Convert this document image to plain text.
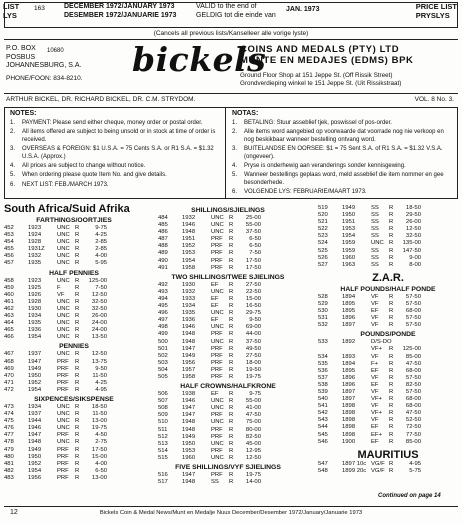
LIST
LYS
163	DECEMBER 1972/JANUARY 1973
DESEMBER 1972/JANUARIE 1973
VALID to the end of
GELDIG tot die einde van
JAN. 1973	PRICE LIST
PRYSLYS
(Cancels all previous lists/Kanselleer alle vorige lyste)
P.O. BOX
POSBUS
JOHANNESBURG, S.A.
10680
PHONE/FOON: 834-8210. bickels
COINS AND MEDALS (PTY) LTD
MUNTE EN MEDAJES (EDMS) BPK
Ground Floor Shop at 151 Jeppe St. (Off Rissik Street)
Grondverdieping winkel te 151 Jeppe St. (Uit Rissikstraat)
ARTHUR BICKEL, DR. RICHARD BICKEL, DR. C.M. STRYDOM.	VOL. 8 No. 3.
NOTES:
1.	PAYMENT: Please send either cheque, money order or postal order.
2.	All items offered are subject to being unsold or in stock at time of order is received.
3.	OVERSEAS & FOREIGN: $1 U.S.A. = 75 Cents S.A. or R1 S.A. = $1.32 U.S.A. (Approx.)
4.	All prices are subject to change without notice.
5.	When ordering please quote Item No. and give details.
6.	NEXT LIST: FEB./MARCH 1973.
NOTAS:
1.	BETALING: Stuur asseblief tjek, poswissel of pos-order.
2.	Alle items word aangebied op voorwaarde dat voorrade nog nie verkoop en nog beskikbaar wanneer bestelling ontvang word.
3.	BUITELANDSE EN OORSEE: $1 = 75 Sent S.A. of R1 S.A. = $1.32 V.S.A. (ongeveer).
4.	Pryse is onderhewig aan veranderings sonder kennisgewing.
5.	Wanneer bestellings geplaas word, meld asseblief die item nommer en gee besonderhede.
6.	VOLGENDE LYS: FEBRUARIE/MAART 1973.
South Africa/Suid Afrika
FARTHINGS/OORTJIES
452	1923	UNC R	9-75
453	1924	UNC R	4-25
454	1928	UNC R	2-85
455	1931Z	UNC R	2-85
456	1932	UNC R	4-00
457	1935	UNC R	5-95
HALF PENNIES
458	1923	UNC R	125-00
459	1925	F	R	7-50
460	1926	VF	R	12-50
461	1928	UNC R	32-50
462	1930	UNC R	32-50
463	1934	UNC R	26-00
464	1935	UNC R	24-00
465	1936	UNC R	24-00
466	1954	UNC R	13-50
PENNIES
467	1937	UNC R	12-50
468	1947	PRF	R	13-75
469	1949	PRF	R	9-50
470	1950	PRF	R	11-50
471	1952	PRF	R	4-25
472	1954	PRF	R	4-95
SIXPENCES/SIKSPENSE
473	1934	UNC R	18-50
474	1937	UNC R	11-50
475	1944	UNC R	13-00
476	1946	UNC R	19-75
477	1947	PRF	R	4-50
478	1948	UNC R	2-75
479	1949	PRF	R	17-50
480	1950	PRF	R	15-00
481	1952	PRF	R	4-00
482	1954	PRF	R	6-50
483	1956	PRF	R	13-00
SHILLINGS/SJIELINGS
484	1932	UNC R	25-00
485	1946	UNC R	55-00
486	1948	UNC R	37-50
487	1951	PRF	R	6-50
488	1952	PRF	R	6-50
489	1953	PRF	R	7-50
490	1954	PRF	R	17-50
491	1958	PRF	R	17-50
TWO SHILLINGS/TWEE SJIELINGS
492	1930	EF	R	27-50
493	1932	UNC R	22-50
494	1933	EF	R	15-00
495	1934	EF	R	16-50
496	1935	UNC R	29-75
497	1936	EF	R	9-50
498	1946	UNC R	69-00
499	1948	PRF	R	44-00
500	1948	UNC R	37-50
501	1947	PRF	R	49-50
502	1949	PRF	R	27-50
503	1956	PRF	R	18-00
504	1957	PRF	R	19-50
505	1958	PRF	R	19-75
HALF CROWNS/HALFKRONE
506	1938	EF	R	9-75
507	1946	UNC R	55-00
508	1947	UNC R	41-00
509	1947	PRF	R	47-50
510	1948	UNC R	75-00
511	1948	PRF	R	80-00
512	1949	PRF	R	82-50
513	1950	UNC R	45-00
514	1953	PRF	R	12-95
515	1960	UNC R	12-50
FIVE SHILLINGS/VYF SJIELINGS
516	1947	PRF	R	19-75
517	1948	SS	R	14-00
519	1949	SS	R	18-50
520	1950	SS	R	29-50
521	1951	SS	R	26-00
522	1953	SS	R	12-50
523	1954	SS	R	32-50
524	1959	UNC R	135-00
525	1959	SS	R	147-50
526	1960	SS	R	9-00
527	1963	SS	R	8-00
Z.A.R.
HALF POUNDS/HALF PONDE
528	1894	VF	R	57-50
529	1895	VF	R	57-50
530	1895	EF	R	68-00
531	1896	VF	R	57-50
532	1897	VF	R	57-50
POUNDS/PONDE
533	1892	D/S-DO
VF+	R	125-00
534	1893	VF	R	85-00
535	1894	F+	R	47-50
536	1895	EF	R	68-00
537	1896	VF	R	57-50
538	1896	EF	R	82-50
539	1897	VF	R	57-50
540	1897	VF+	R	68-00
541	1898	VF	R	68-00
542	1898	VF+	R	47-50
543	1898	VF	R	52-50
544	1898	EF	R	72-50
545	1898	EF+	R	77-50
546	1900	EF	R	85-00
MAURITIUS
547	1897 10c VG/F R	4-95
548	1899 20c VG/F R	5-75
Continued on page 14
12	Bickels Coin & Medal News/Munt en Medalje Nuus December/Desember 1972/January/Januarie 1973
